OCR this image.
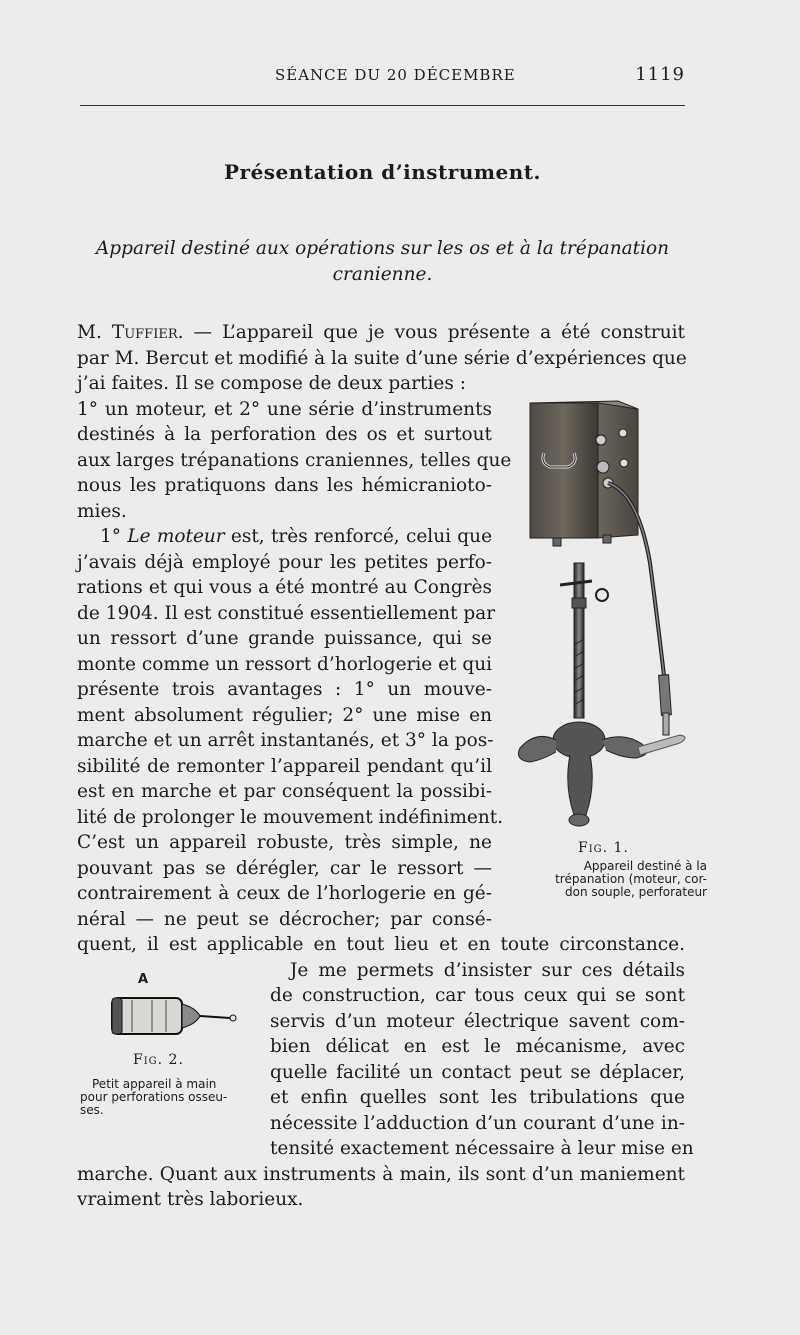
SÉANCE DU 20 DÉCEMBRE	1119
Présentation d’instrument.
Appareil destiné aux opérations sur les os et à la trépanation
cranienne.
M. Tuffier. — L’appareil que je vous présente a été construit
par M. Bercut et modifié à la suite d’une série d’expériences que
j’ai faites. Il se compose de deux parties :
1° un moteur, et 2° une série d’instruments
destinés à la perforation des os et surtout
aux larges trépanations craniennes, telles que
nous les pratiquons dans les hémicranioto-
mies.
1° Le moteur est, très renforcé, celui que
j’avais déjà employé pour les petites perfo-
rations et qui vous a été montré au Congrès
de 1904. Il est constitué essentiellement par
un ressort d’une grande puissance, qui se
monte comme un ressort d’horlogerie et qui
présente trois avantages : 1° un mouve-
ment absolument régulier; 2° une mise en
marche et un arrêt instantanés, et 3° la pos-
sibilité de remonter l’appareil pendant qu’il
est en marche et par conséquent la possibi-
lité de prolonger le mouvement indéfiniment.
C’est un appareil robuste, très simple, ne
pouvant pas se dérégler, car le ressort —
contrairement à ceux de l’horlogerie en gé-
néral — ne peut se décrocher; par consé-
quent, il est applicable en tout lieu et en toute circonstance.
Je me permets d’insister sur ces détails
de construction, car tous ceux qui se sont
servis d’un moteur électrique savent com-
bien délicat en est le mécanisme, avec
quelle facilité un contact peut se déplacer,
et enfin quelles sont les tribulations que
nécessite l’adduction d’un courant d’une in-
tensité exactement nécessaire à leur mise en
marche. Quant aux instruments à main, ils sont d’un maniement
vraiment très laborieux.
Fig. 1.
Appareil destiné à la
trépanation (moteur, cor-
don souple, perforateur
A
Fig. 2.
Petit appareil à main
pour perforations osseu-
ses.
